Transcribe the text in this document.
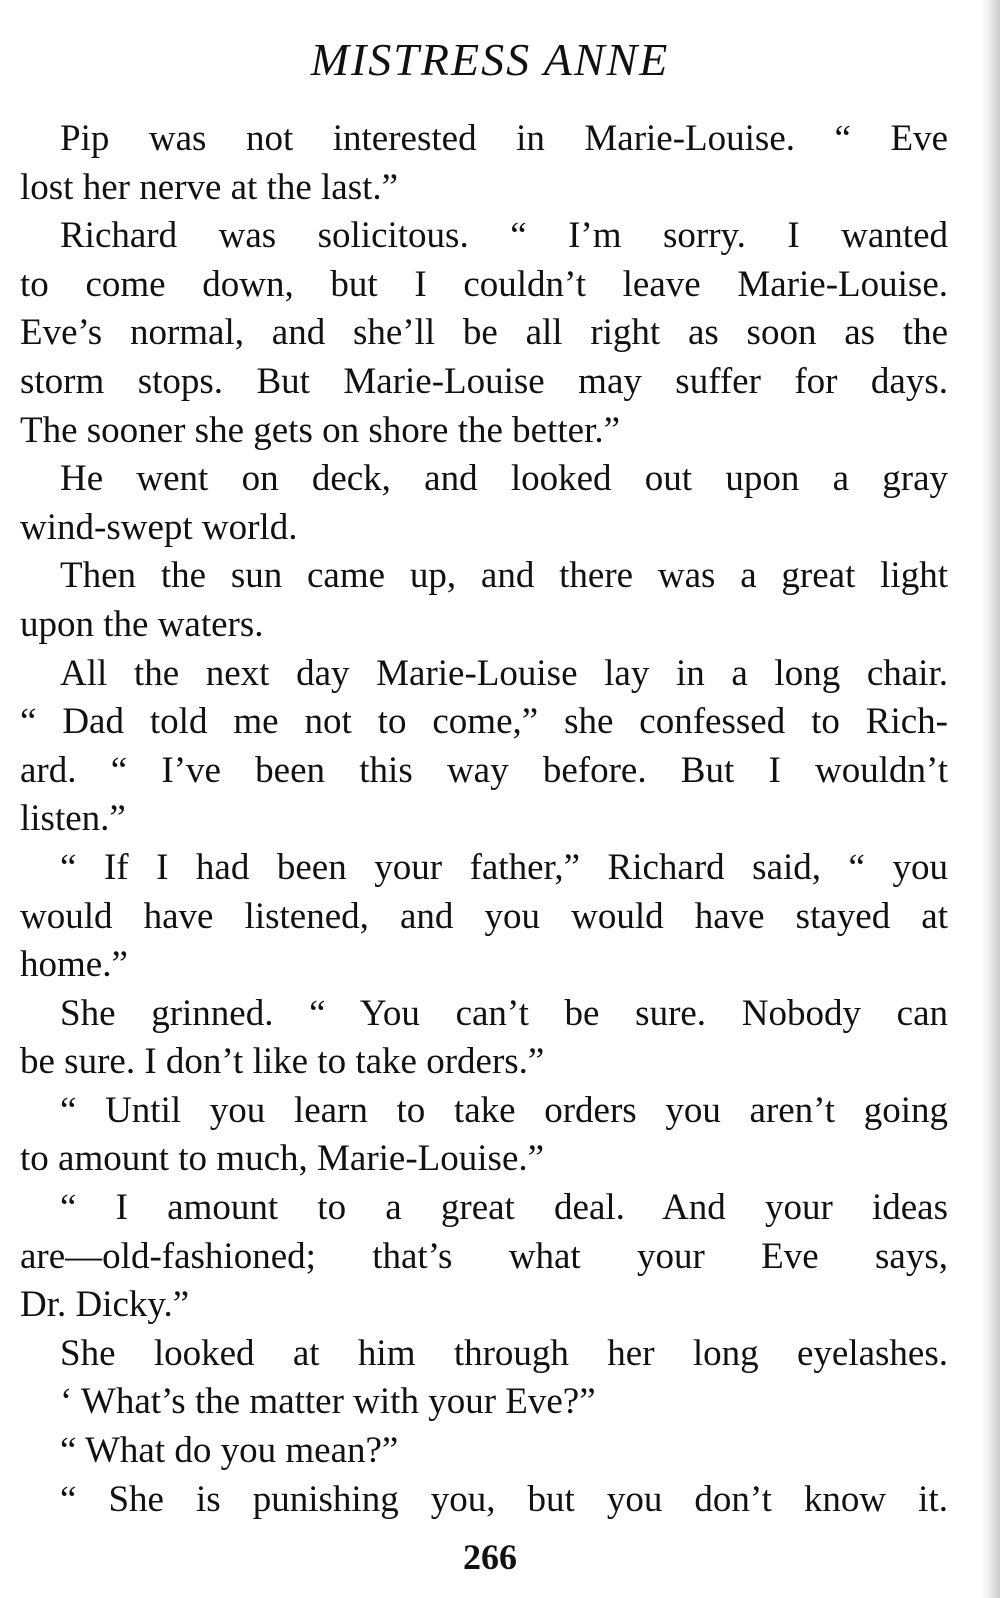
MISTRESS ANNE
Pip was not interested in Marie-Louise. “ Eve
lost her nerve at the last.”
Richard was solicitous. “ I’m sorry. I wanted
to come down, but I couldn’t leave Marie-Louise.
Eve’s normal, and she’ll be all right as soon as the
storm stops. But Marie-Louise may suffer for days.
The sooner she gets on shore the better.”
He went on deck, and looked out upon a gray
wind-swept world.
Then the sun came up, and there was a great light
upon the waters.
All the next day Marie-Louise lay in a long chair.
“ Dad told me not to come,” she confessed to Rich-
ard. “ I’ve been this way before. But I wouldn’t
listen.”
“ If I had been your father,” Richard said, “ you
would have listened, and you would have stayed at
home.”
She grinned. “ You can’t be sure. Nobody can
be sure. I don’t like to take orders.”
“ Until you learn to take orders you aren’t going
to amount to much, Marie-Louise.”
“ I amount to a great deal. And your ideas
are—old-fashioned; that’s what your Eve says,
Dr. Dicky.”
She looked at him through her long eyelashes.
‘ What’s the matter with your Eve?”
“ What do you mean?”
“ She is punishing you, but you don’t know it.
266
